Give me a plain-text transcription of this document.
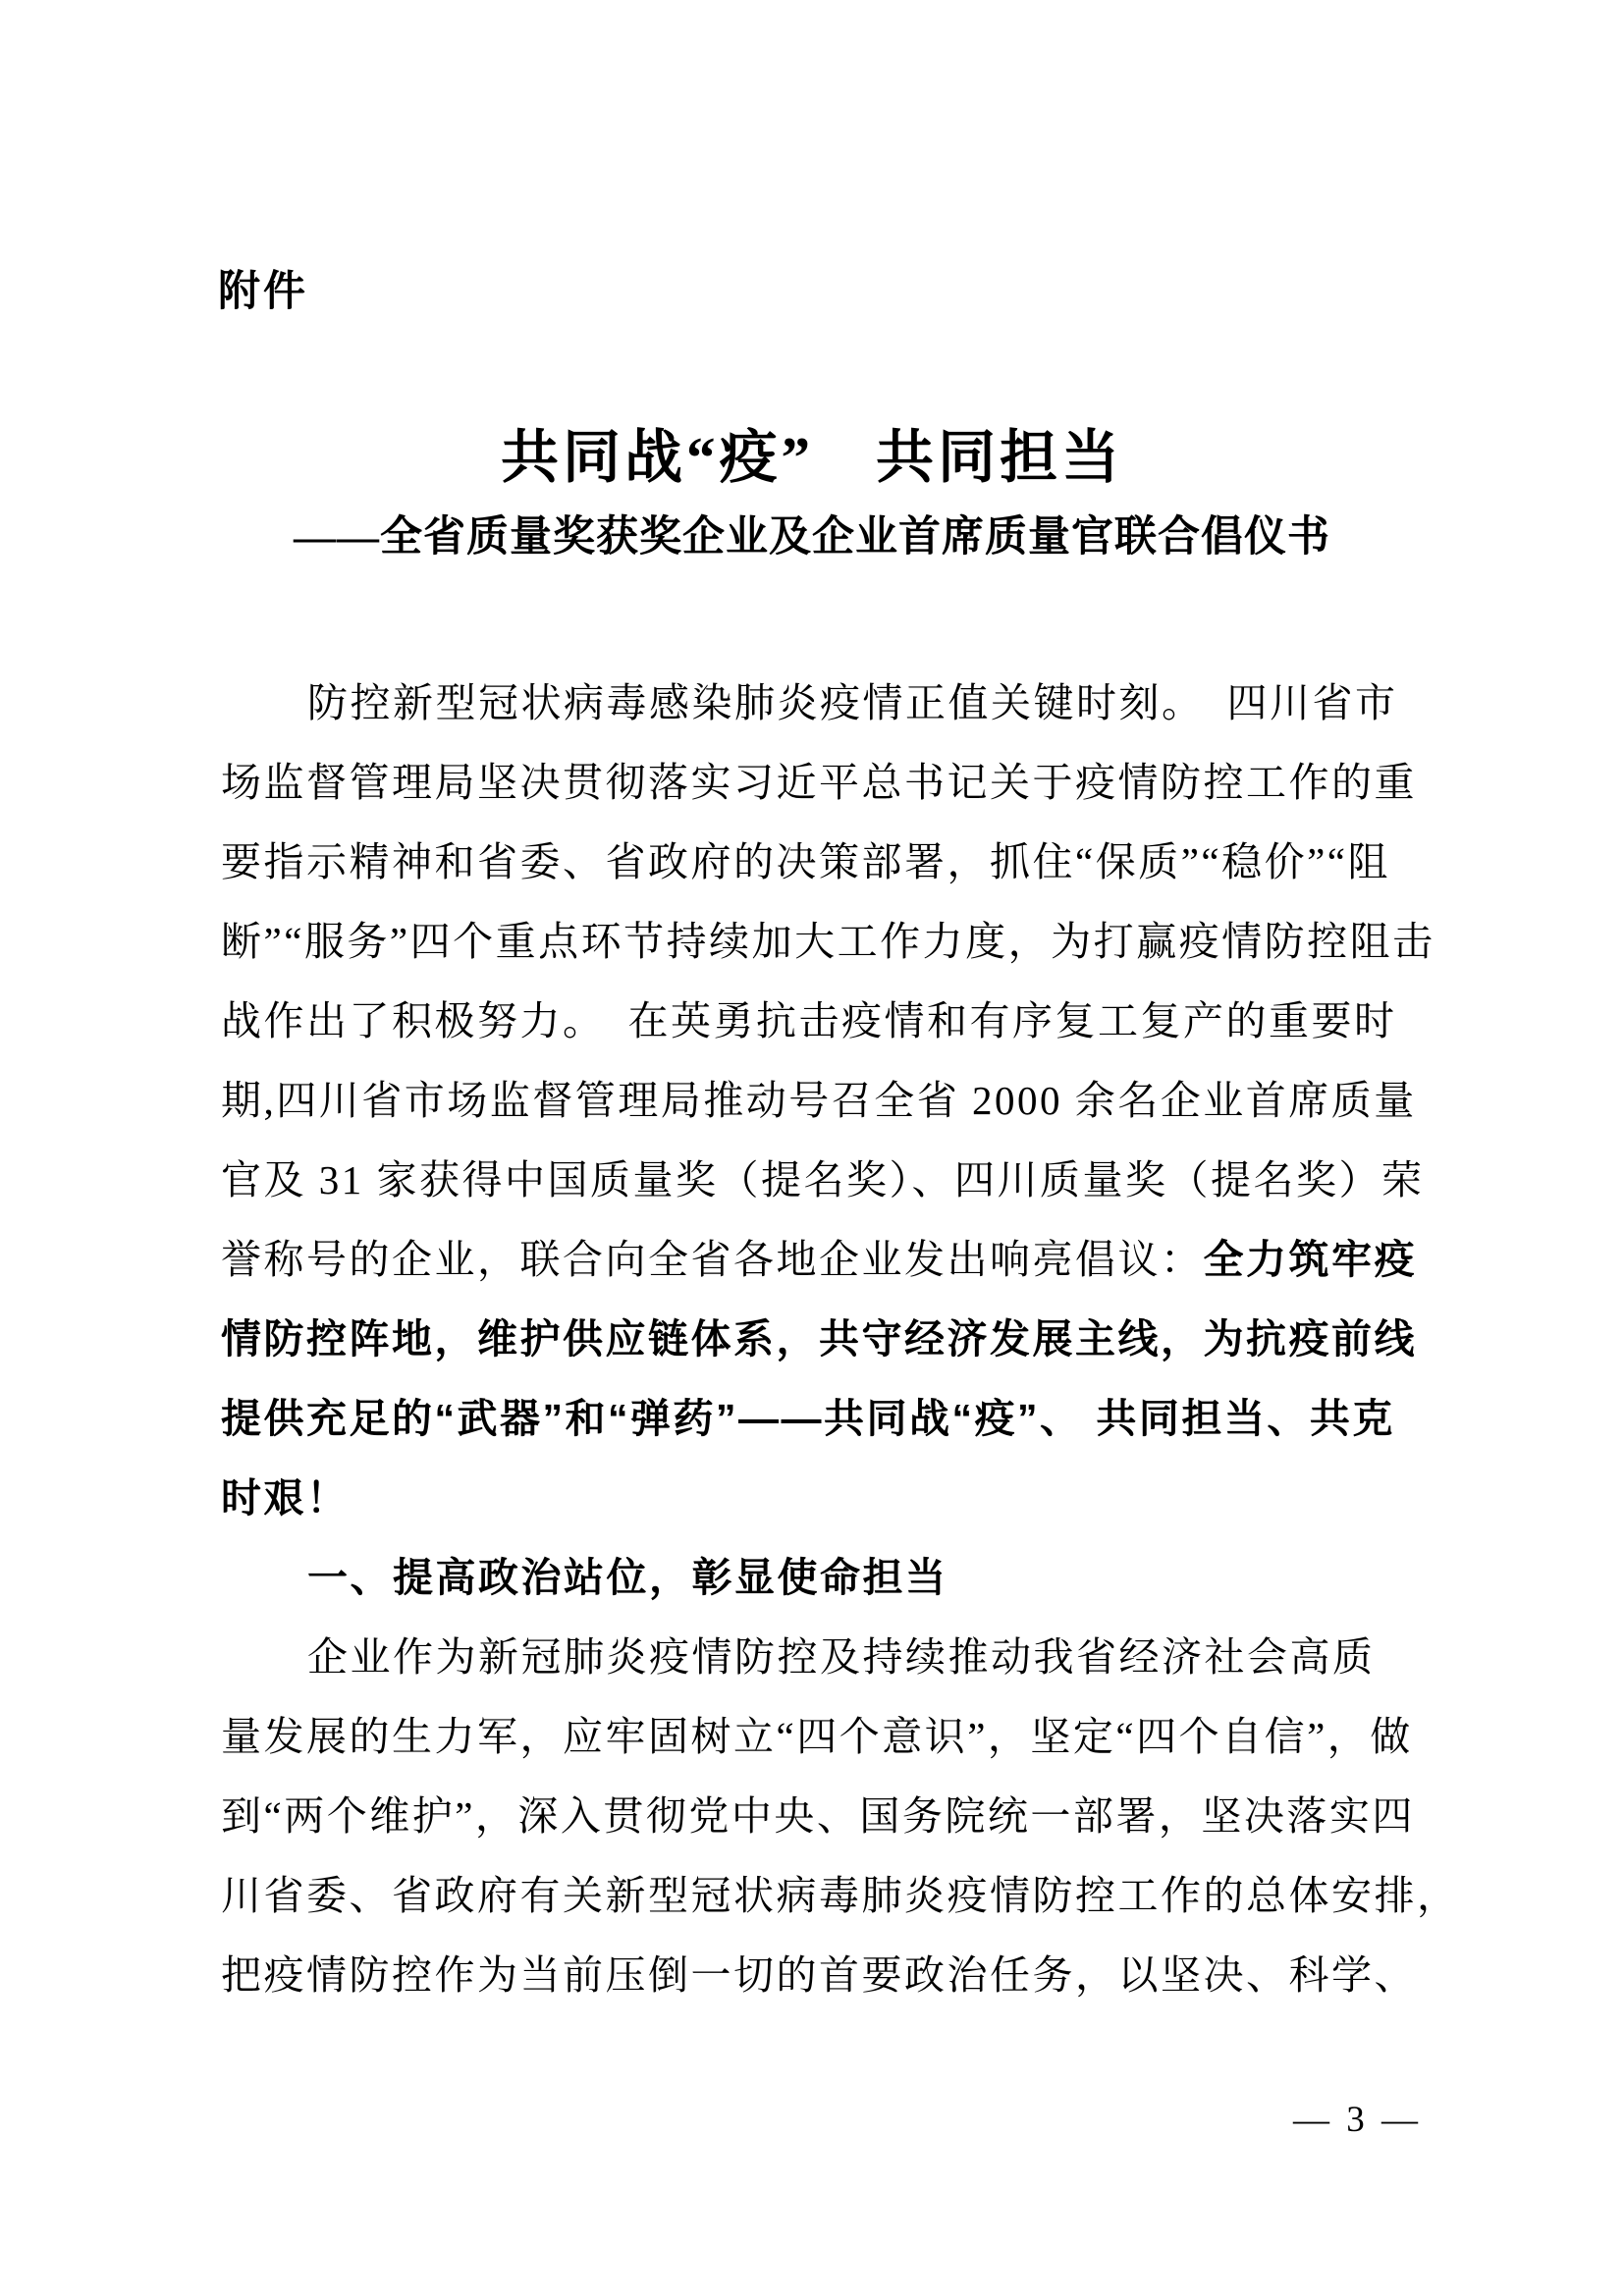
附件
共同战“疫”　共同担当
——全省质量奖获奖企业及企业首席质量官联合倡仪书
防控新型冠状病毒感染肺炎疫情正值关键时刻。　四川省市
场监督管理局坚决贯彻落实习近平总书记关于疫情防控工作的重
要指示精神和省委、省政府的决策部署，抓住“保质”“稳价”“阻
断”“服务”四个重点环节持续加大工作力度，为打赢疫情防控阻击
战作出了积极努力。　在英勇抗击疫情和有序复工复产的重要时
期,四川省市场监督管理局推动号召全省 2000 余名企业首席质量
官及 31 家获得中国质量奖（提名奖）、四川质量奖（提名奖）荣
誉称号的企业，联合向全省各地企业发出响亮倡议：全力筑牢疫
情防控阵地，维护供应链体系，共守经济发展主线，为抗疫前线
提供充足的“武器”和“弹药”——共同战“疫”、 共同担当、共克
时艰！
一、提高政治站位，彰显使命担当
企业作为新冠肺炎疫情防控及持续推动我省经济社会高质
量发展的生力军，应牢固树立“四个意识”，坚定“四个自信”，做
到“两个维护”，深入贯彻党中央、国务院统一部署，坚决落实四
川省委、省政府有关新型冠状病毒肺炎疫情防控工作的总体安排，
把疫情防控作为当前压倒一切的首要政治任务，以坚决、科学、
— 3 —
